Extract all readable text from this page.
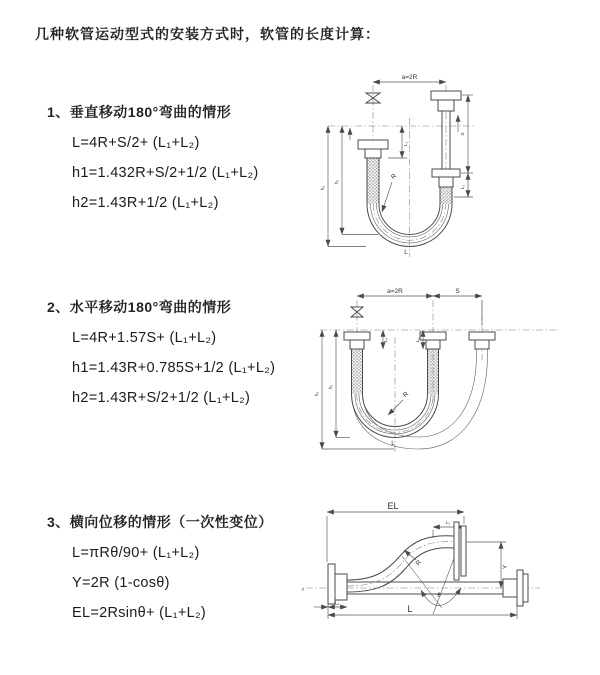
几种软管运动型式的安装方式时，软管的长度计算：
1、垂直移动180°弯曲的情形

L=4R+S/2+ (L₁+L₂)

h1=1.432R+S/2+1/2 (L₁+L₂)

h2=1.43R+1/2 (L₁+L₂)

2、水平移动180°弯曲的情形

L=4R+1.57S+ (L₁+L₂)

h1=1.43R+0.785S+1/2 (L₁+L₂)

h2=1.43R+S/2+1/2 (L₁+L₂)

3、横向位移的情形（一次性变位）

L=πRθ/90+ (L₁+L₂)

Y=2R (1-cosθ)

EL=2Rsinθ+ (L₁+L₂)

a=2R
R
h₁
h₂
L₁
S
L₁
L
a=2R	S
h₁
h₂
L₁	L₁
R
L
z
EL
L₁
θ
R	Y
L₁	L
